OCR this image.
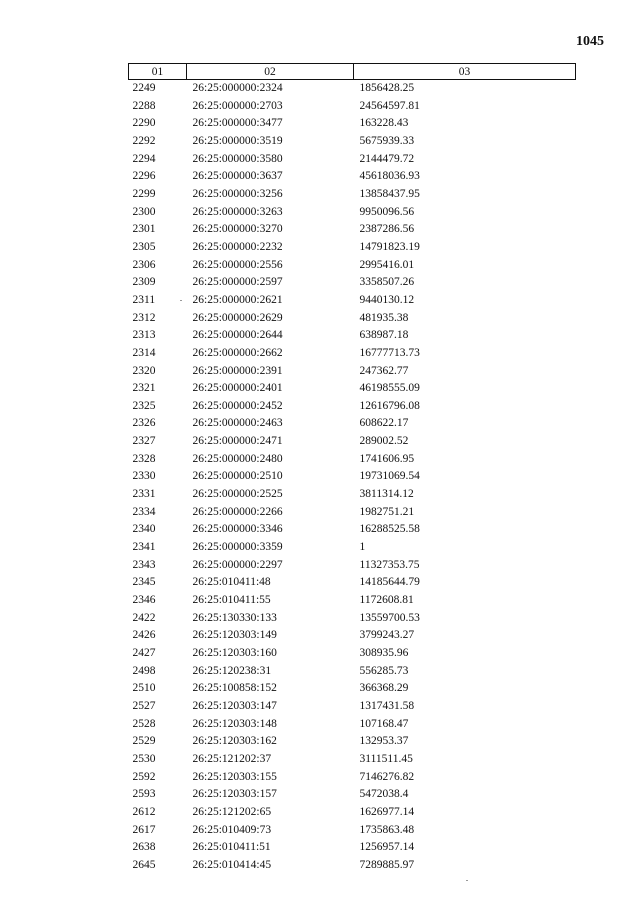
1045
01	02	03
2249	26:25:000000:2324	1856428.25
2288	26:25:000000:2703	24564597.81
2290	26:25:000000:3477	163228.43
2292	26:25:000000:3519	5675939.33
2294	26:25:000000:3580	2144479.72
2296	26:25:000000:3637	45618036.93
2299	26:25:000000:3256	13858437.95
2300	26:25:000000:3263	9950096.56
2301	26:25:000000:3270	2387286.56
2305	26:25:000000:2232	14791823.19
2306	26:25:000000:2556	2995416.01
2309	26:25:000000:2597	3358507.26
2311	26:25:000000:2621	9440130.12
2312	26:25:000000:2629	481935.38
2313	26:25:000000:2644	638987.18
2314	26:25:000000:2662	16777713.73
2320	26:25:000000:2391	247362.77
2321	26:25:000000:2401	46198555.09
2325	26:25:000000:2452	12616796.08
2326	26:25:000000:2463	608622.17
2327	26:25:000000:2471	289002.52
2328	26:25:000000:2480	1741606.95
2330	26:25:000000:2510	19731069.54
2331	26:25:000000:2525	3811314.12
2334	26:25:000000:2266	1982751.21
2340	26:25:000000:3346	16288525.58
2341	26:25:000000:3359	1
2343	26:25:000000:2297	11327353.75
2345	26:25:010411:48	14185644.79
2346	26:25:010411:55	1172608.81
2422	26:25:130330:133	13559700.53
2426	26:25:120303:149	3799243.27
2427	26:25:120303:160	308935.96
2498	26:25:120238:31	556285.73
2510	26:25:100858:152	366368.29
2527	26:25:120303:147	1317431.58
2528	26:25:120303:148	107168.47
2529	26:25:120303:162	132953.37
2530	26:25:121202:37	3111511.45
2592	26:25:120303:155	7146276.82
2593	26:25:120303:157	5472038.4
2612	26:25:121202:65	1626977.14
2617	26:25:010409:73	1735863.48
2638	26:25:010411:51	1256957.14
2645	26:25:010414:45	7289885.97
